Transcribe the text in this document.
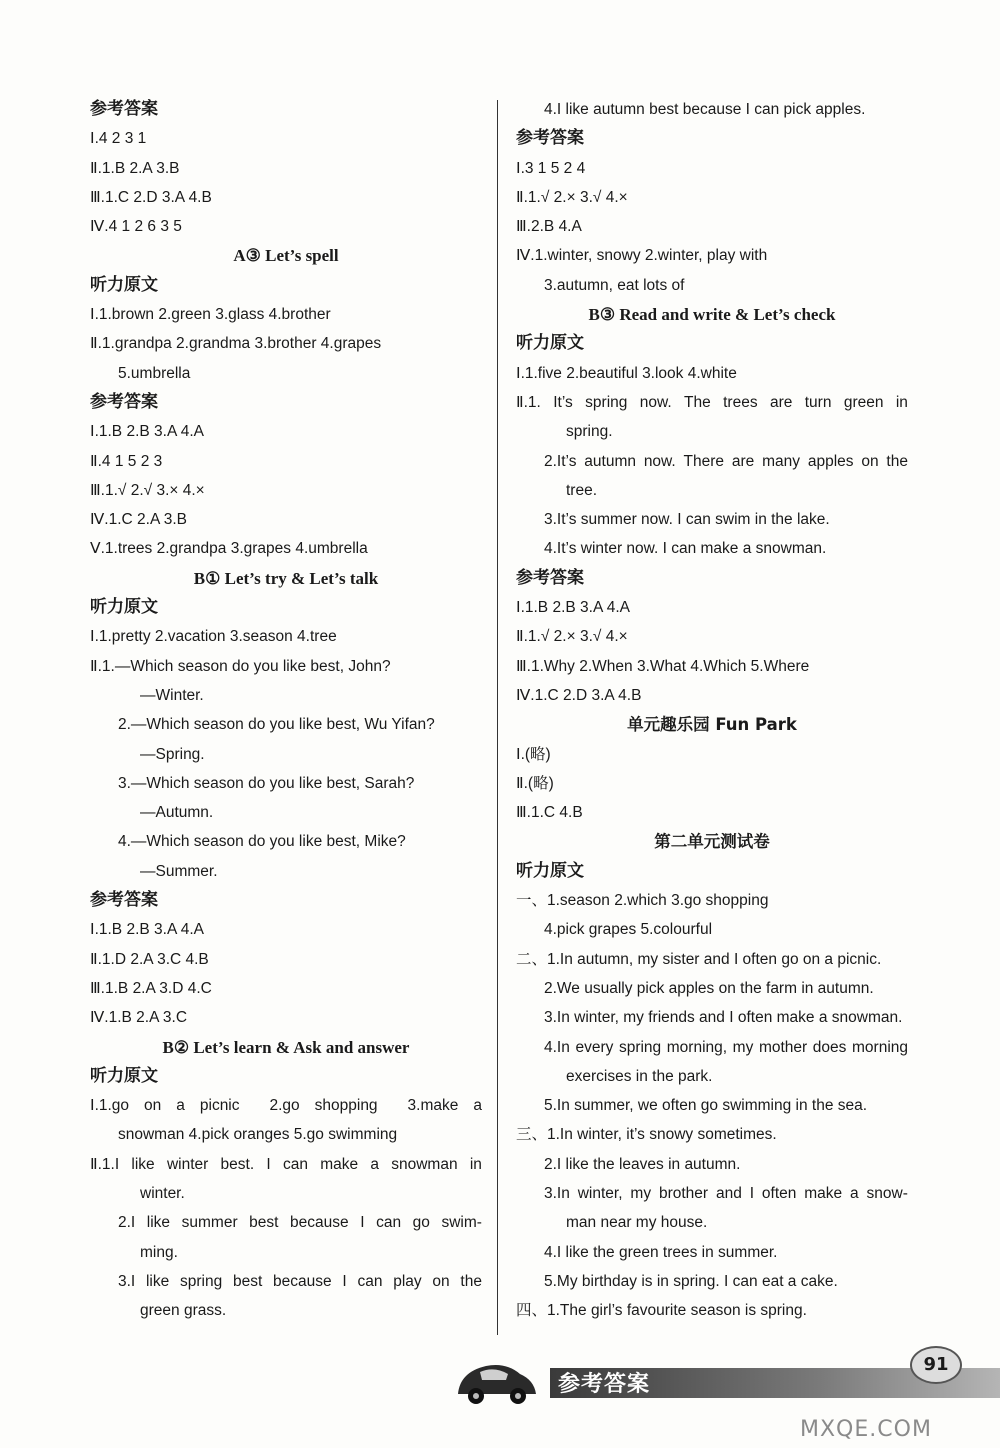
参考答案
Ⅰ.4 2 3 1
Ⅱ.1.B 2.A 3.B
Ⅲ.1.C 2.D 3.A 4.B
Ⅳ.4 1 2 6 3 5
A③ Let’s spell
听力原文
Ⅰ.1.brown 2.green 3.glass 4.brother
Ⅱ.1.grandpa 2.grandma 3.brother 4.grapes
5.umbrella
参考答案
Ⅰ.1.B 2.B 3.A 4.A
Ⅱ.4 1 5 2 3
Ⅲ.1.√ 2.√ 3.× 4.×
Ⅳ.1.C 2.A 3.B
Ⅴ.1.trees 2.grandpa 3.grapes 4.umbrella
B① Let’s try & Let’s talk
听力原文
Ⅰ.1.pretty 2.vacation 3.season 4.tree
Ⅱ.1.—Which season do you like best, John?
—Winter.
2.—Which season do you like best, Wu Yifan?
—Spring.
3.—Which season do you like best, Sarah?
—Autumn.
4.—Which season do you like best, Mike?
—Summer.
参考答案
Ⅰ.1.B 2.B 3.A 4.A
Ⅱ.1.D 2.A 3.C 4.B
Ⅲ.1.B 2.A 3.D 4.C
Ⅳ.1.B 2.A 3.C
B② Let’s learn & Ask and answer
听力原文
Ⅰ.1.go on a picnic 2.go shopping 3.make a
snowman 4.pick oranges 5.go swimming
Ⅱ.1.I like winter best. I can make a snowman in
winter.
2.I like summer best because I can go swim-
ming.
3.I like spring best because I can play on the
green grass.
4.I like autumn best because I can pick apples.
参考答案
Ⅰ.3 1 5 2 4
Ⅱ.1.√ 2.× 3.√ 4.×
Ⅲ.2.B 4.A
Ⅳ.1.winter, snowy 2.winter, play with
3.autumn, eat lots of
B③ Read and write & Let’s check
听力原文
Ⅰ.1.five 2.beautiful 3.look 4.white
Ⅱ.1. It’s spring now. The trees are turn green in
spring.
2.It’s autumn now. There are many apples on the
tree.
3.It’s summer now. I can swim in the lake.
4.It’s winter now. I can make a snowman.
参考答案
Ⅰ.1.B 2.B 3.A 4.A
Ⅱ.1.√ 2.× 3.√ 4.×
Ⅲ.1.Why 2.When 3.What 4.Which 5.Where
Ⅳ.1.C 2.D 3.A 4.B
单元趣乐园 Fun Park
Ⅰ.(略)
Ⅱ.(略)
Ⅲ.1.C 4.B
第二单元测试卷
听力原文
一、1.season 2.which 3.go shopping
4.pick grapes 5.colourful
二、1.In autumn, my sister and I often go on a picnic.
2.We usually pick apples on the farm in autumn.
3.In winter, my friends and I often make a snowman.
4.In every spring morning, my mother does morning
exercises in the park.
5.In summer, we often go swimming in the sea.
三、1.In winter, it’s snowy sometimes.
2.I like the leaves in autumn.
3.In winter, my brother and I often make a snow-
man near my house.
4.I like the green trees in summer.
5.My birthday is in spring. I can eat a cake.
四、1.The girl’s favourite season is spring.
参考答案
91
MXQE.COM
